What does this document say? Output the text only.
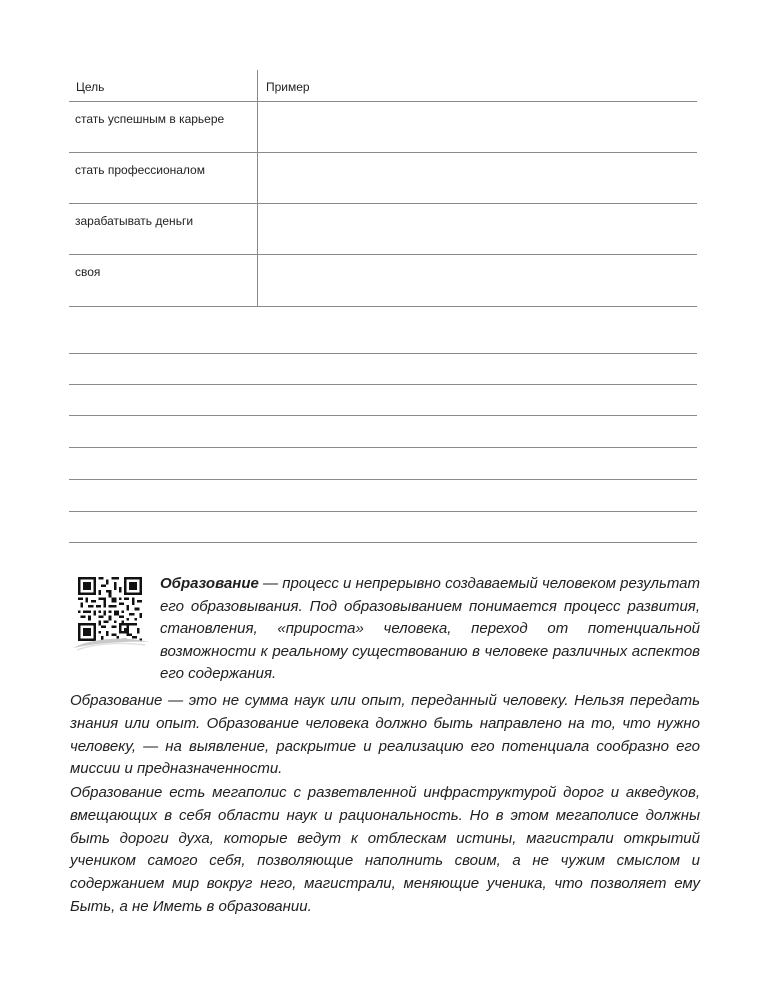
Цель	Пример
стать успешным в карьере
стать профессионалом
зарабатывать деньги
своя
Образование — процесс и непрерывно создаваемый человеком результат его образовывания. Под образовыванием понимается процесс развития, становления, «прироста» человека, переход от потенциальной возможности к реальному существованию в человеке различных аспектов его содержания.
Образование — это не сумма наук или опыт, переданный человеку. Нельзя передать знания или опыт. Образование человека должно быть направлено на то, что нужно человеку, — на выявление, раскрытие и реализацию его потенциала сообразно его миссии и предназначенности.
Образование есть мегаполис с разветвленной инфраструктурой дорог и акведуков, вмещающих в себя области наук и рациональность. Но в этом мегаполисе должны быть дороги духа, которые ведут к отблескам истины, магистрали открытий учеником самого себя, позволяющие наполнить своим, а не чужим смыслом и содержанием мир вокруг него, магистрали, меняющие ученика, что позволяет ему Быть, а не Иметь в образовании.
